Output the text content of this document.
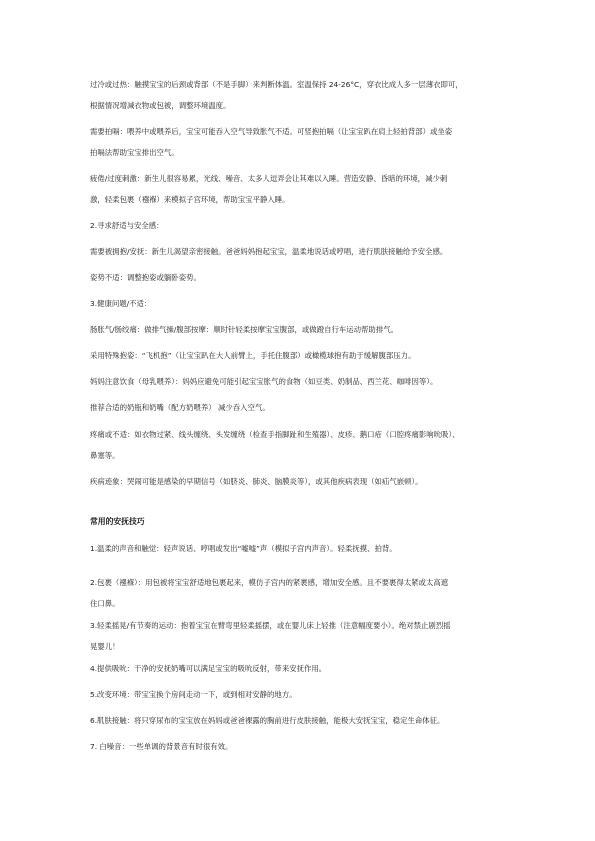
过冷或过热：触摸宝宝的后颈或背部（不是手脚）来判断体温。室温保持 24-26°C，穿衣比成人多一层薄衣即可，
根据情况增减衣物或包被，调整环境温度。
需要拍嗝：喂养中或喂养后，宝宝可能吞入空气导致胀气不适。可竖抱拍嗝（让宝宝趴在肩上轻拍背部）或坐姿
拍嗝法帮助宝宝排出空气。
疲倦/过度刺激：新生儿很容易累，光线、噪音、太多人逗弄会让其难以入睡。营造安静、昏暗的环境，减少刺
激，轻柔包裹（襁褓）来模拟子宫环境，帮助宝宝平静入睡。
2.寻求舒适与安全感：
需要被拥抱/安抚：新生儿渴望亲密接触。爸爸妈妈抱起宝宝，温柔地说话或哼唱，进行肌肤接触给予安全感。
姿势不适：调整抱姿或躺卧姿势。
3.健康问题/不适：
肠胀气/肠绞痛：做排气操/腹部按摩：顺时针轻柔按摩宝宝腹部，或做蹬自行车运动帮助排气。
采用特殊抱姿：“飞机抱”（让宝宝趴在大人前臂上，手托住腹部）或橄榄球抱有助于缓解腹部压力。
妈妈注意饮食（母乳喂养）：妈妈应避免可能引起宝宝胀气的食物（如豆类、奶制品、西兰花、咖啡因等）。
推荐合适的奶瓶和奶嘴（配方奶喂养） 减少吞入空气。
疼痛或不适：如衣物过紧、线头缠绕、头发缠绕（检查手指脚趾和生殖器）、皮疹、鹅口疮（口腔疼痛影响吮吸）、
鼻塞等。
疾病迹象：哭闹可能是感染的早期信号（如脐炎、肺炎、脑膜炎等），或其他疾病表现（如疝气嵌顿）。
常用的安抚技巧
1.温柔的声音和触觉：轻声说话、哼唱或发出“嘘嘘”声（模拟子宫内声音）。轻柔抚摸、拍背。
2.包裹（襁褓）：用包被将宝宝舒适地包裹起来，模仿子宫内的紧裹感，增加安全感。且不要裹得太紧或太高遮
住口鼻。
3.轻柔摇晃/有节奏的运动：抱着宝宝在臂弯里轻柔摇摆，或在婴儿床上轻推（注意幅度要小）。绝对禁止剧烈摇
晃婴儿！
4.提供吸吮：干净的安抚奶嘴可以满足宝宝的吸吮反射，带来安抚作用。
5.改变环境：带宝宝换个房间走动一下，或到相对安静的地方。
6.肌肤接触：将只穿尿布的宝宝放在妈妈或爸爸裸露的胸前进行皮肤接触，能极大安抚宝宝，稳定生命体征。
7. 白噪音：一些单调的背景音有时很有效。
